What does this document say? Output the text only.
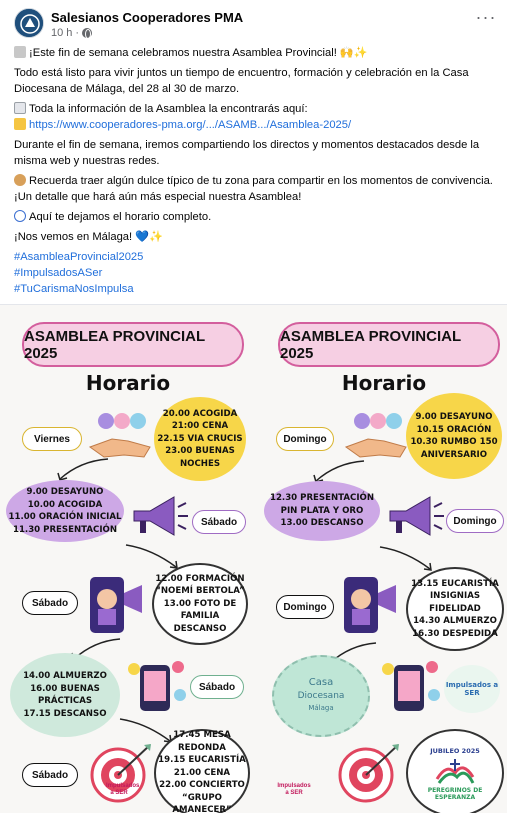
Salesianos Cooperadores PMA
10 h ·
···

¡Este fin de semana celebramos nuestra Asamblea Provincial! 🙌✨

Todo está listo para vivir juntos un tiempo de encuentro, formación y celebración en la Casa Diocesana de Málaga, del 28 al 30 de marzo.

Toda la información de la Asamblea la encontrarás aquí:

https://www.cooperadores-pma.org/.../ASAMB.../Asamblea-2025/

Durante el fin de semana, iremos compartiendo los directos y momentos destacados desde la misma web y nuestras redes.

Recuerda traer algún dulce típico de tu zona para compartir en los momentos de convivencia. ¡Un detalle que hará aún más especial nuestra Asamblea!

Aquí te dejamos el horario completo.

¡Nos vemos en Málaga! 💙✨

#AsambleaProvincial2025
#ImpulsadosASer
#TuCarismaNosImpulsa
ASAMBLEA PROVINCIAL 2025
Horario
Viernes
20.00 ACOGIDA
21:00 CENA
22.15 VIA CRUCIS
23.00 BUENAS
NOCHES
9.00 DESAYUNO
10.00 ACOGIDA
11.00 ORACIÓN INICIAL
11.30 PRESENTACIÓN
Sábado
Sábado
12.00 FORMACIÓN
“NOEMÍ BERTOLA”
13.00 FOTO DE FAMILIA
DESCANSO
14.00 ALMUERZO
16.00 BUENAS
PRÁCTICAS
17.15 DESCANSO
Sábado
Sábado
17.45 MESA REDONDA
19.15 EUCARISTÍA
21.00 CENA
22.00 CONCIERTO
“GRUPO AMANECER”
Impulsados a SER
ASAMBLEA PROVINCIAL 2025
Horario
Domingo
9.00 DESAYUNO
10.15 ORACIÓN
10.30 RUMBO 150
ANIVERSARIO
12.30 PRESENTACIÓN
PIN PLATA Y ORO
13.00 DESCANSO	Domingo
Domingo
13.15 EUCARISTÍA
INSIGNIAS FIDELIDAD
14.30 ALMUERZO
16.30 DESPEDIDA
Casa
Diocesana
Málaga
Impulsados a SER
Impulsados a SER
JUBILEO 2025
PEREGRINOS DE ESPERANZA
